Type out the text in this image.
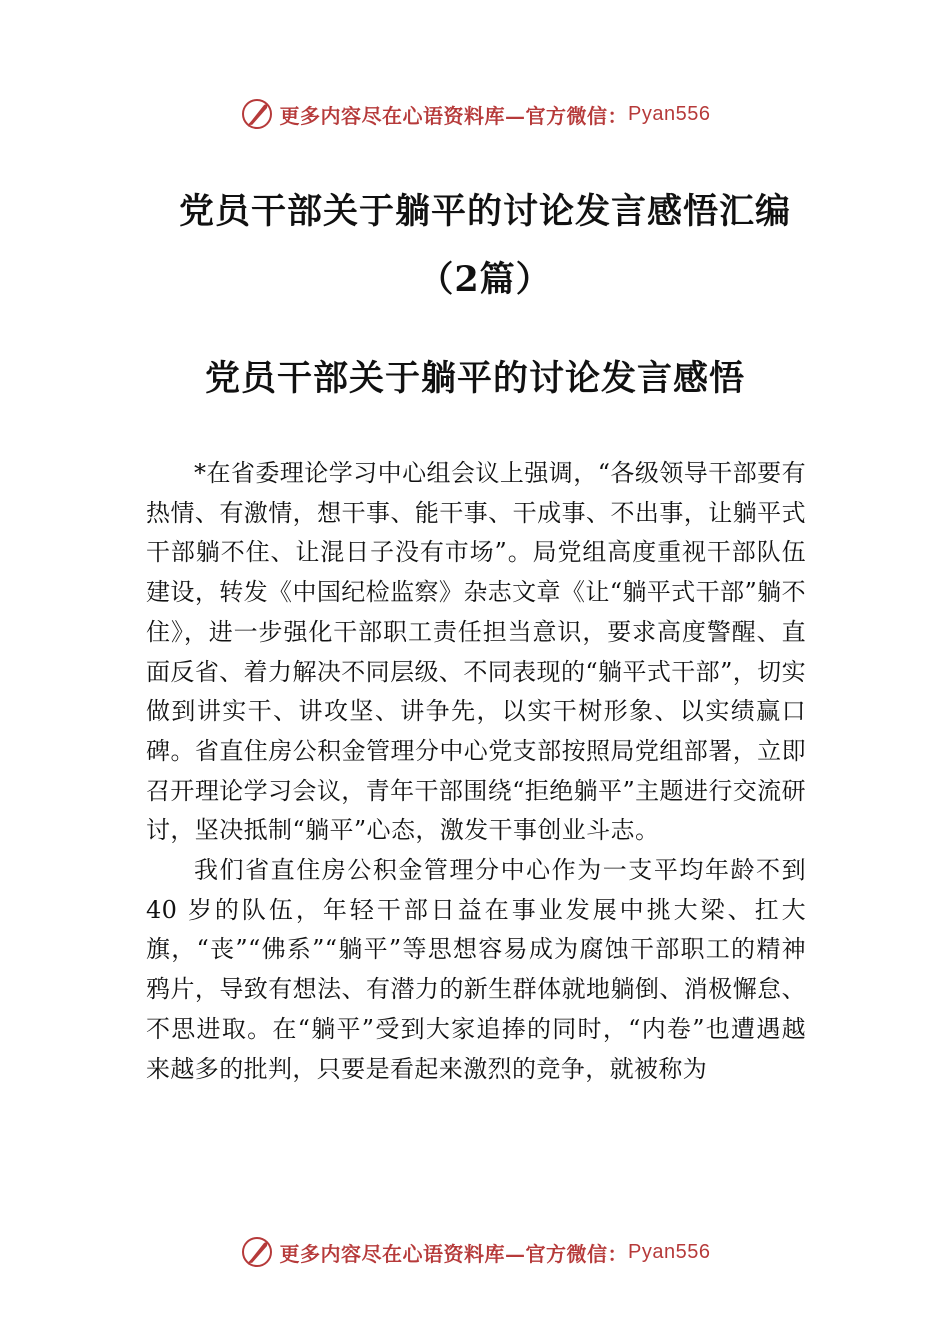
更多内容尽在心语资料库—官方微信： Pyan556
党员干部关于躺平的讨论发言感悟汇编（2篇）
党员干部关于躺平的讨论发言感悟

*在省委理论学习中心组会议上强调，“各级领导干部要有热情、有激情，想干事、能干事、干成事、不出事，让躺平式干部躺不住、让混日子没有市场”。局党组高度重视干部队伍建设，转发《中国纪检监察》杂志文章《让“躺平式干部”躺不住》，进一步强化干部职工责任担当意识，要求高度警醒、直面反省、着力解决不同层级、不同表现的“躺平式干部”，切实做到讲实干、讲攻坚、讲争先，以实干树形象、以实绩赢口碑。省直住房公积金管理分中心党支部按照局党组部署，立即召开理论学习会议，青年干部围绕“拒绝躺平”主题进行交流研讨，坚决抵制“躺平”心态，激发干事创业斗志。

我们省直住房公积金管理分中心作为一支平均年龄不到 40 岁的队伍，年轻干部日益在事业发展中挑大梁、扛大旗，“丧”“佛系”“躺平”等思想容易成为腐蚀干部职工的精神鸦片，导致有想法、有潜力的新生群体就地躺倒、消极懈怠、不思进取。在“躺平”受到大家追捧的同时，“内卷”也遭遇越来越多的批判，只要是看起来激烈的竞争，就被称为

更多内容尽在心语资料库—官方微信： Pyan556
